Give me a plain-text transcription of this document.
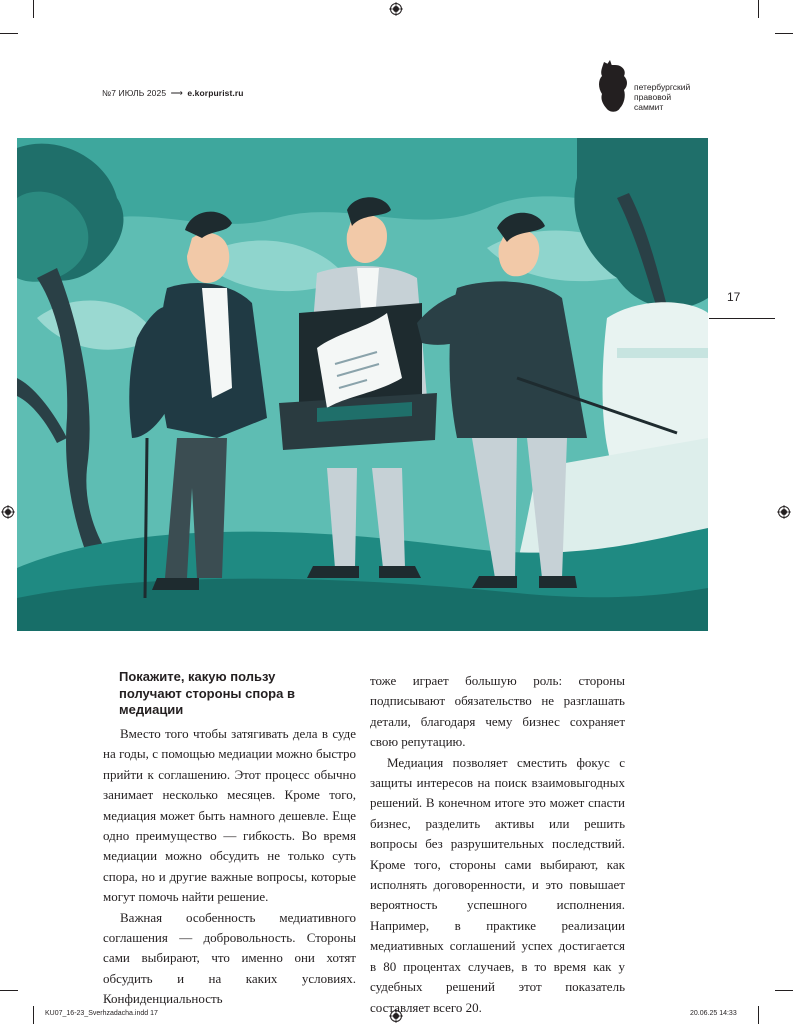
№7 ИЮЛЬ 2025 ⟶ e.korpurist.ru
петербургский
правовой
саммит
17
Покажите, какую пользу получают стороны спора в медиации

Вместо того чтобы затягивать дела в суде на годы, с помощью медиации можно быстро прийти к соглашению. Этот процесс обычно занимает несколько месяцев. Кроме того, медиация может быть намного дешевле. Еще одно преимущество — гибкость. Во время медиации можно обсудить не только суть спора, но и другие важные вопросы, которые могут помочь найти решение.

Важная особенность медиативного соглашения — добровольность. Стороны сами выбирают, что именно они хотят обсудить и на каких условиях. Конфиденциальность

тоже играет большую роль: стороны подписывают обязательство не разглашать детали, благодаря чему бизнес сохраняет свою репутацию.

Медиация позволяет сместить фокус с защиты интересов на поиск взаимовыгодных решений. В конечном итоге это может спасти бизнес, разделить активы или решить вопросы без разрушительных последствий. Кроме того, стороны сами выбирают, как исполнять договоренности, и это повышает вероятность успешного исполнения. Например, в практике реализации медиативных соглашений успех достигается в 80 процентах случаев, в то время как у судебных решений этот показатель составляет всего 20.

KU07_16-23_Sverhzadacha.indd 17	20.06.25 14:33
